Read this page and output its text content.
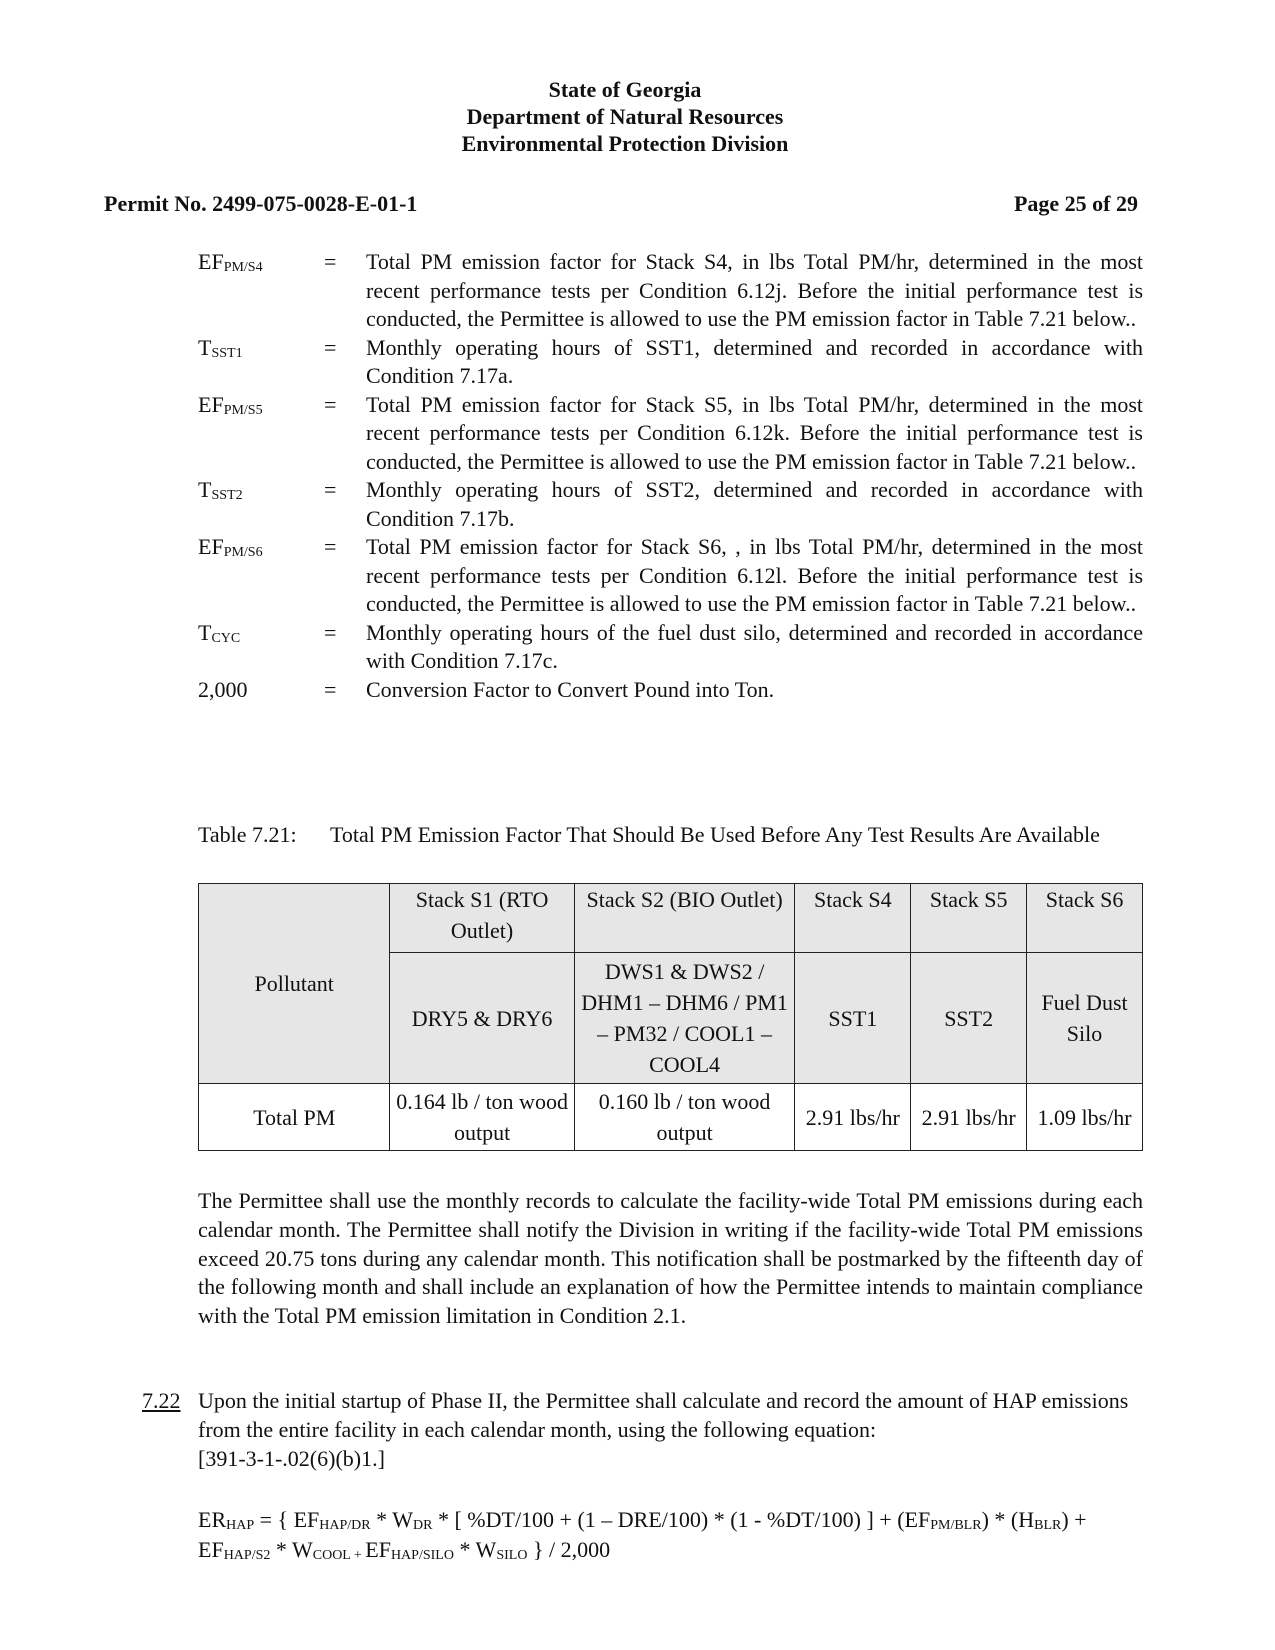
State of Georgia
Department of Natural Resources
Environmental Protection Division
Permit No. 2499-075-0028-E-01-1	Page 25 of 29
$EF_{PM/S4}$	=	Total PM emission factor for Stack S4, in lbs Total PM/hr, determined in the most recent performance tests per Condition 6.12j. Before the initial performance test is conducted, the Permittee is allowed to use the PM emission factor in Table 7.21 below..
$T_{SST1}$	=	Monthly operating hours of SST1, determined and recorded in accordance with Condition 7.17a.
$EF_{PM/S5}$	=	Total PM emission factor for Stack S5, in lbs Total PM/hr, determined in the most recent performance tests per Condition 6.12k. Before the initial performance test is conducted, the Permittee is allowed to use the PM emission factor in Table 7.21 below..
$T_{SST2}$	=	Monthly operating hours of SST2, determined and recorded in accordance with Condition 7.17b.
$EF_{PM/S6}$	=	Total PM emission factor for Stack S6, , in lbs Total PM/hr, determined in the most recent performance tests per Condition 6.12l. Before the initial performance test is conducted, the Permittee is allowed to use the PM emission factor in Table 7.21 below..
$T_{CYC}$	=	Monthly operating hours of the fuel dust silo, determined and recorded in accordance with Condition 7.17c.
2,000	=	Conversion Factor to Convert Pound into Ton.
Table 7.21:	Total PM Emission Factor That Should Be Used Before Any Test Results Are Available
Pollutant	Stack S1 (RTO Outlet)	Stack S2 (BIO Outlet)	Stack S4	Stack S5	Stack S6
	DRY5 & DRY6	DWS1 & DWS2 / DHM1 – DHM6 / PM1 – PM32 / COOL1 – COOL4	SST1	SST2	Fuel Dust Silo
Total PM	0.164 lb / ton wood output	0.160 lb / ton wood output	2.91 lbs/hr	2.91 lbs/hr	1.09 lbs/hr
The Permittee shall use the monthly records to calculate the facility-wide Total PM emissions during each calendar month. The Permittee shall notify the Division in writing if the facility-wide Total PM emissions exceed 20.75 tons during any calendar month. This notification shall be postmarked by the fifteenth day of the following month and shall include an explanation of how the Permittee intends to maintain compliance with the Total PM emission limitation in Condition 2.1.
7.22 Upon the initial startup of Phase II, the Permittee shall calculate and record the amount of HAP emissions from the entire facility in each calendar month, using the following equation:
[391-3-1-.02(6)(b)1.]
$ER_{HAP}$ = { $EF_{HAP/DR} * W_{DR}$ * [ %DT/100 + (1 – DRE/100) * (1 - %DT/100) ] + $(EF_{PM/BLR}) * (H_{BLR}) + EF_{HAP/S2} * W_{COOL +}$ $EF_{HAP/SILO} * W_{SILO}$ } / 2,000
